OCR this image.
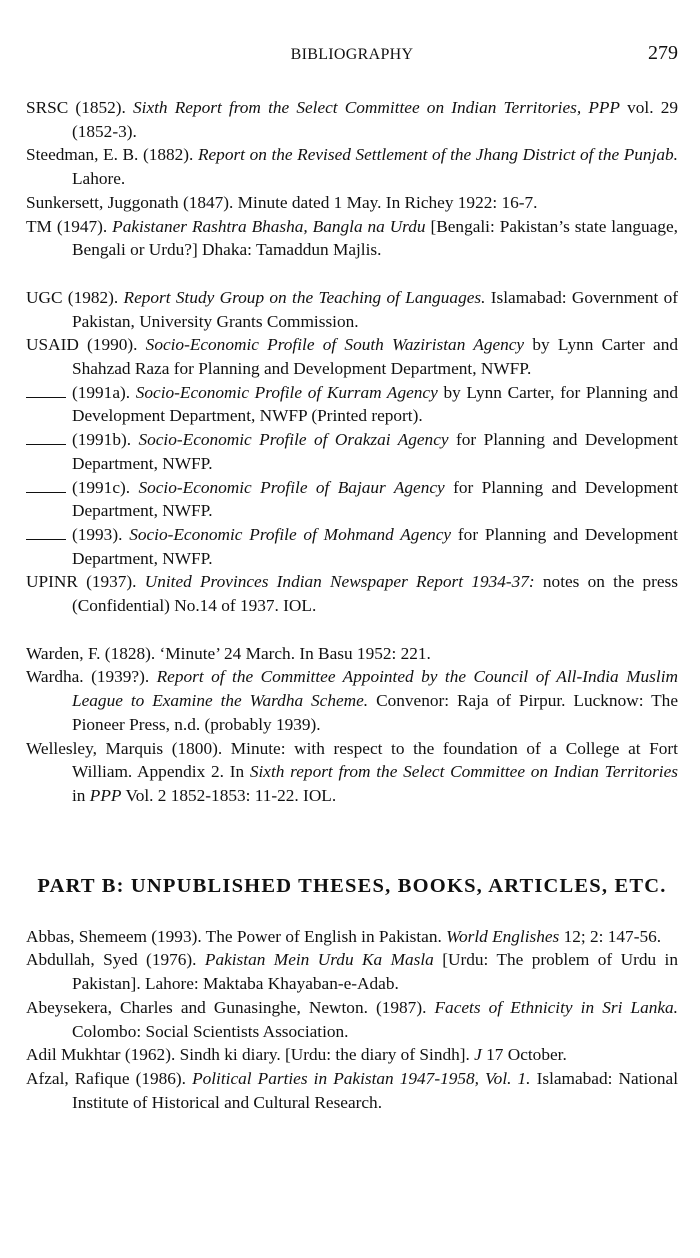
BIBLIOGRAPHY	279

SRSC (1852). Sixth Report from the Select Committee on Indian Territories, PPP vol. 29 (1852-3).

Steedman, E. B. (1882). Report on the Revised Settlement of the Jhang District of the Punjab. Lahore.

Sunkersett, Juggonath (1847). Minute dated 1 May. In Richey 1922: 16-7.

TM (1947). Pakistaner Rashtra Bhasha, Bangla na Urdu [Bengali: Pakistan’s state language, Bengali or Urdu?] Dhaka: Tamaddun Majlis.

UGC (1982). Report Study Group on the Teaching of Languages. Islamabad: Government of Pakistan, University Grants Commission.

USAID (1990). Socio-Economic Profile of South Waziristan Agency by Lynn Carter and Shahzad Raza for Planning and Development Department, NWFP.

(1991a). Socio-Economic Profile of Kurram Agency by Lynn Carter, for Planning and Development Department, NWFP (Printed report).

(1991b). Socio-Economic Profile of Orakzai Agency for Planning and Development Department, NWFP.

(1991c). Socio-Economic Profile of Bajaur Agency for Planning and Development Department, NWFP.

(1993). Socio-Economic Profile of Mohmand Agency for Planning and Development Department, NWFP.

UPINR (1937). United Provinces Indian Newspaper Report 1934-37: notes on the press (Confidential) No.14 of 1937. IOL.

Warden, F. (1828). ‘Minute’ 24 March. In Basu 1952: 221.

Wardha. (1939?). Report of the Committee Appointed by the Council of All-India Muslim League to Examine the Wardha Scheme. Convenor: Raja of Pirpur. Lucknow: The Pioneer Press, n.d. (probably 1939).

Wellesley, Marquis (1800). Minute: with respect to the foundation of a College at Fort William. Appendix 2. In Sixth report from the Select Committee on Indian Territories in PPP Vol. 2 1852-1853: 11-22. IOL.

PART B: UNPUBLISHED THESES, BOOKS, ARTICLES, ETC.

Abbas, Shemeem (1993). The Power of English in Pakistan. World Englishes 12; 2: 147-56.

Abdullah, Syed (1976). Pakistan Mein Urdu Ka Masla [Urdu: The problem of Urdu in Pakistan]. Lahore: Maktaba Khayaban-e-Adab.

Abeysekera, Charles and Gunasinghe, Newton. (1987). Facets of Ethnicity in Sri Lanka. Colombo: Social Scientists Association.

Adil Mukhtar (1962). Sindh ki diary. [Urdu: the diary of Sindh]. J 17 October.

Afzal, Rafique (1986). Political Parties in Pakistan 1947-1958, Vol. 1. Islamabad: National Institute of Historical and Cultural Research.
